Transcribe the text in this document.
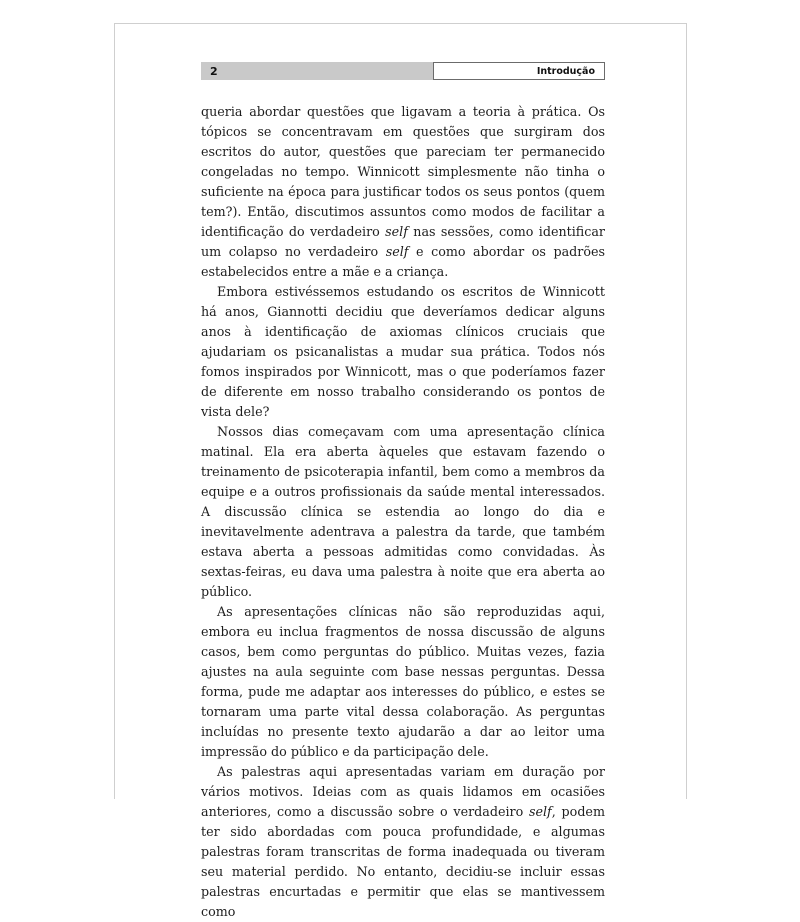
2	Introdução

queria abordar questões que ligavam a teoria à prática. Os tópicos se concentravam em questões que surgiram dos escritos do autor, questões que pareciam ter permanecido congeladas no tempo. Winnicott simplesmente não tinha o suficiente na época para justificar todos os seus pontos (quem tem?). Então, discutimos assuntos como modos de facilitar a identificação do verdadeiro self nas sessões, como identificar um colapso no verdadeiro self e como abordar os padrões estabelecidos entre a mãe e a criança.

Embora estivéssemos estudando os escritos de Winnicott há anos, Giannotti decidiu que deveríamos dedicar alguns anos à identificação de axiomas clínicos cruciais que ajudariam os psicanalistas a mudar sua prática. Todos nós fomos inspirados por Winnicott, mas o que poderíamos fazer de diferente em nosso trabalho considerando os pontos de vista dele?

Nossos dias começavam com uma apresentação clínica matinal. Ela era aberta àqueles que estavam fazendo o treinamento de psicoterapia infantil, bem como a membros da equipe e a outros profissionais da saúde mental interessados. A discussão clínica se estendia ao longo do dia e inevitavelmente adentrava a palestra da tarde, que também estava aberta a pessoas admitidas como convidadas. Às sextas-feiras, eu dava uma palestra à noite que era aberta ao público.

As apresentações clínicas não são reproduzidas aqui, embora eu inclua fragmentos de nossa discussão de alguns casos, bem como perguntas do público. Muitas vezes, fazia ajustes na aula seguinte com base nessas perguntas. Dessa forma, pude me adaptar aos interesses do público, e estes se tornaram uma parte vital dessa colaboração. As perguntas incluídas no presente texto ajudarão a dar ao leitor uma impressão do público e da participação dele.

As palestras aqui apresentadas variam em duração por vários motivos. Ideias com as quais lidamos em ocasiões anteriores, como a discussão sobre o verdadeiro self, podem ter sido abordadas com pouca profundidade, e algumas palestras foram transcritas de forma inadequada ou tiveram seu material perdido. No entanto, decidiu-se incluir essas palestras encurtadas e permitir que elas se mantivessem como
